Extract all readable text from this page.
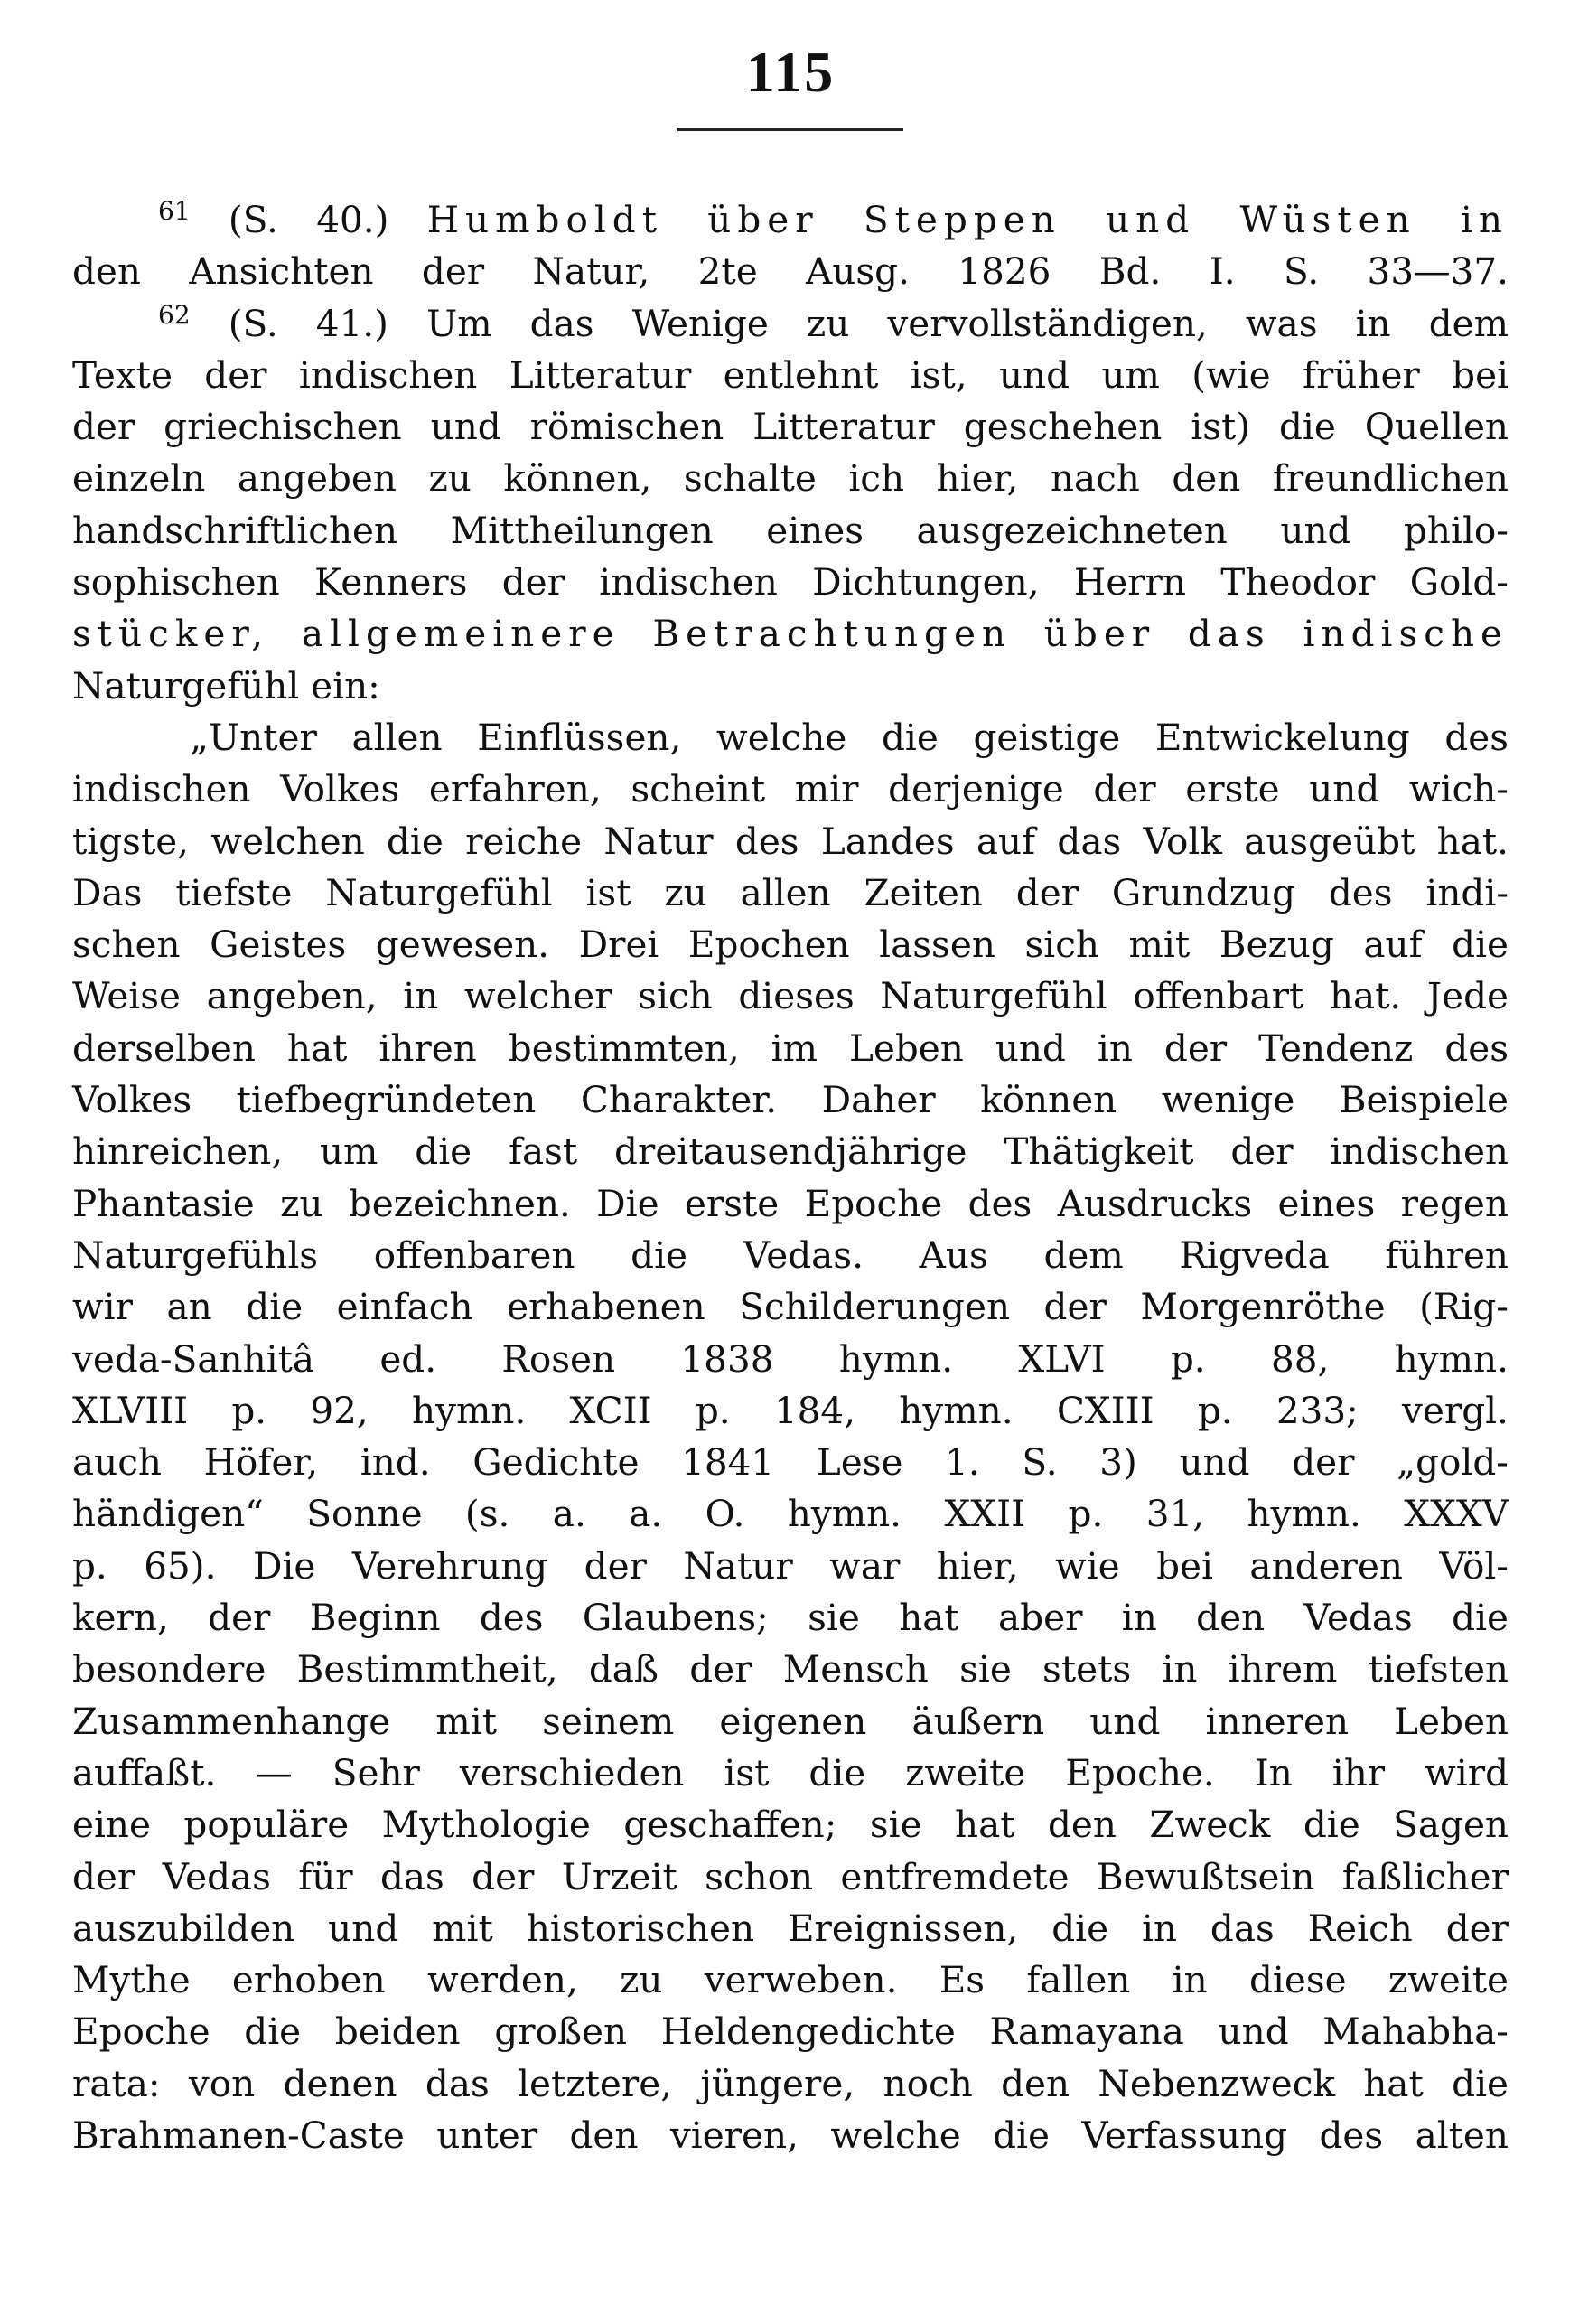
115
$^{61}$ (S. 40.) Humboldt über Steppen und Wüsten in
den Ansichten der Natur, 2te Ausg. 1826 Bd. I. S. 33—37.
$^{62}$ (S. 41.) Um das Wenige zu vervollständigen, was in dem
Texte der indischen Litteratur entlehnt ist, und um (wie früher bei
der griechischen und römischen Litteratur geschehen ist) die Quellen
einzeln angeben zu können, schalte ich hier, nach den freundlichen
handschriftlichen Mittheilungen eines ausgezeichneten und philo-
sophischen Kenners der indischen Dichtungen, Herrn Theodor Gold-
stücker, allgemeinere Betrachtungen über das indische
Naturgefühl ein:
„Unter allen Einflüssen, welche die geistige Entwickelung des
indischen Volkes erfahren, scheint mir derjenige der erste und wich-
tigste, welchen die reiche Natur des Landes auf das Volk ausgeübt hat.
Das tiefste Naturgefühl ist zu allen Zeiten der Grundzug des indi-
schen Geistes gewesen. Drei Epochen lassen sich mit Bezug auf die
Weise angeben, in welcher sich dieses Naturgefühl offenbart hat. Jede
derselben hat ihren bestimmten, im Leben und in der Tendenz des
Volkes tiefbegründeten Charakter. Daher können wenige Beispiele
hinreichen, um die fast dreitausendjährige Thätigkeit der indischen
Phantasie zu bezeichnen. Die erste Epoche des Ausdrucks eines regen
Naturgefühls offenbaren die Vedas. Aus dem Rigveda führen
wir an die einfach erhabenen Schilderungen der Morgenröthe (Rig-
veda-Sanhitâ ed. Rosen 1838 hymn. XLVI p. 88, hymn.
XLVIII p. 92, hymn. XCII p. 184, hymn. CXIII p. 233; vergl.
auch Höfer, ind. Gedichte 1841 Lese 1. S. 3) und der „gold-
händigen“ Sonne (s. a. a. O. hymn. XXII p. 31, hymn. XXXV
p. 65). Die Verehrung der Natur war hier, wie bei anderen Völ-
kern, der Beginn des Glaubens; sie hat aber in den Vedas die
besondere Bestimmtheit, daß der Mensch sie stets in ihrem tiefsten
Zusammenhange mit seinem eigenen äußern und inneren Leben
auffaßt. — Sehr verschieden ist die zweite Epoche. In ihr wird
eine populäre Mythologie geschaffen; sie hat den Zweck die Sagen
der Vedas für das der Urzeit schon entfremdete Bewußtsein faßlicher
auszubilden und mit historischen Ereignissen, die in das Reich der
Mythe erhoben werden, zu verweben. Es fallen in diese zweite
Epoche die beiden großen Heldengedichte Ramayana und Mahabha-
rata: von denen das letztere, jüngere, noch den Nebenzweck hat die
Brahmanen-Caste unter den vieren, welche die Verfassung des alten
